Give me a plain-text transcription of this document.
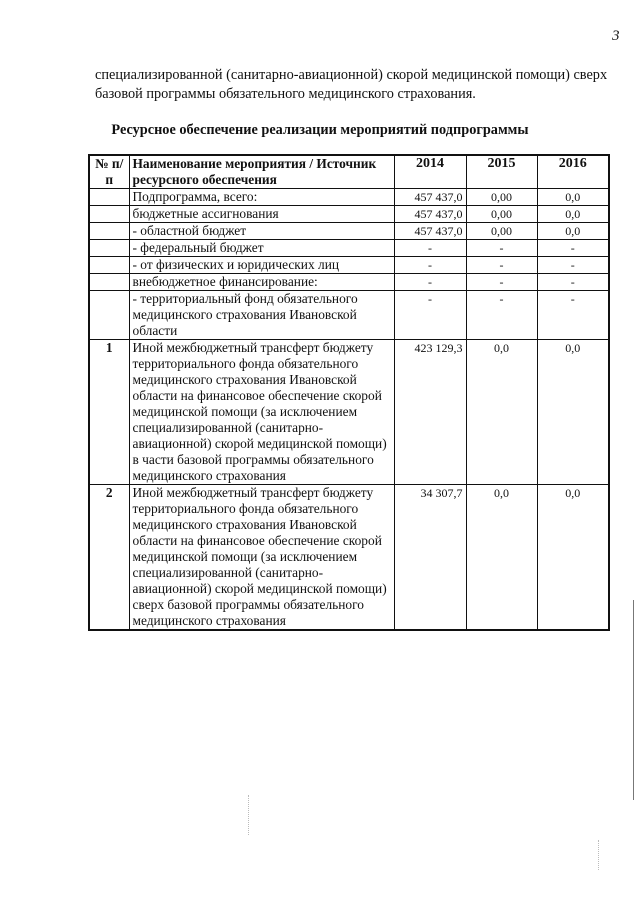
3

специализированной (санитарно-авиационной) скорой медицинской помощи) сверх базовой программы обязательного медицинского страхования.

Ресурсное обеспечение реализации мероприятий подпрограммы
№ п/п	Наименование мероприятия / Источник ресурсного обеспечения	2014	2015	2016
	Подпрограмма, всего:	457 437,0	0,00	0,0
	бюджетные ассигнования	457 437,0	0,00	0,0
	- областной бюджет	457 437,0	0,00	0,0
	- федеральный бюджет	-	-	-
	- от физических и юридических лиц	-	-	-
	внебюджетное финансирование:	-	-	-
	- территориальный фонд обязательного медицинского страхования Ивановской области	-	-	-
1	Иной межбюджетный трансферт бюджету территориального фонда обязательного медицинского страхования Ивановской области на финансовое обеспечение скорой медицинской помощи (за исключением специализированной (санитарно-авиационной) скорой медицинской помощи) в части базовой программы обязательного медицинского страхования	423 129,3	0,0	0,0
2	Иной межбюджетный трансферт бюджету территориального фонда обязательного медицинского страхования Ивановской области на финансовое обеспечение скорой медицинской помощи (за исключением специализированной (санитарно-авиационной) скорой медицинской помощи) сверх базовой программы обязательного медицинского страхования	34 307,7	0,0	0,0
